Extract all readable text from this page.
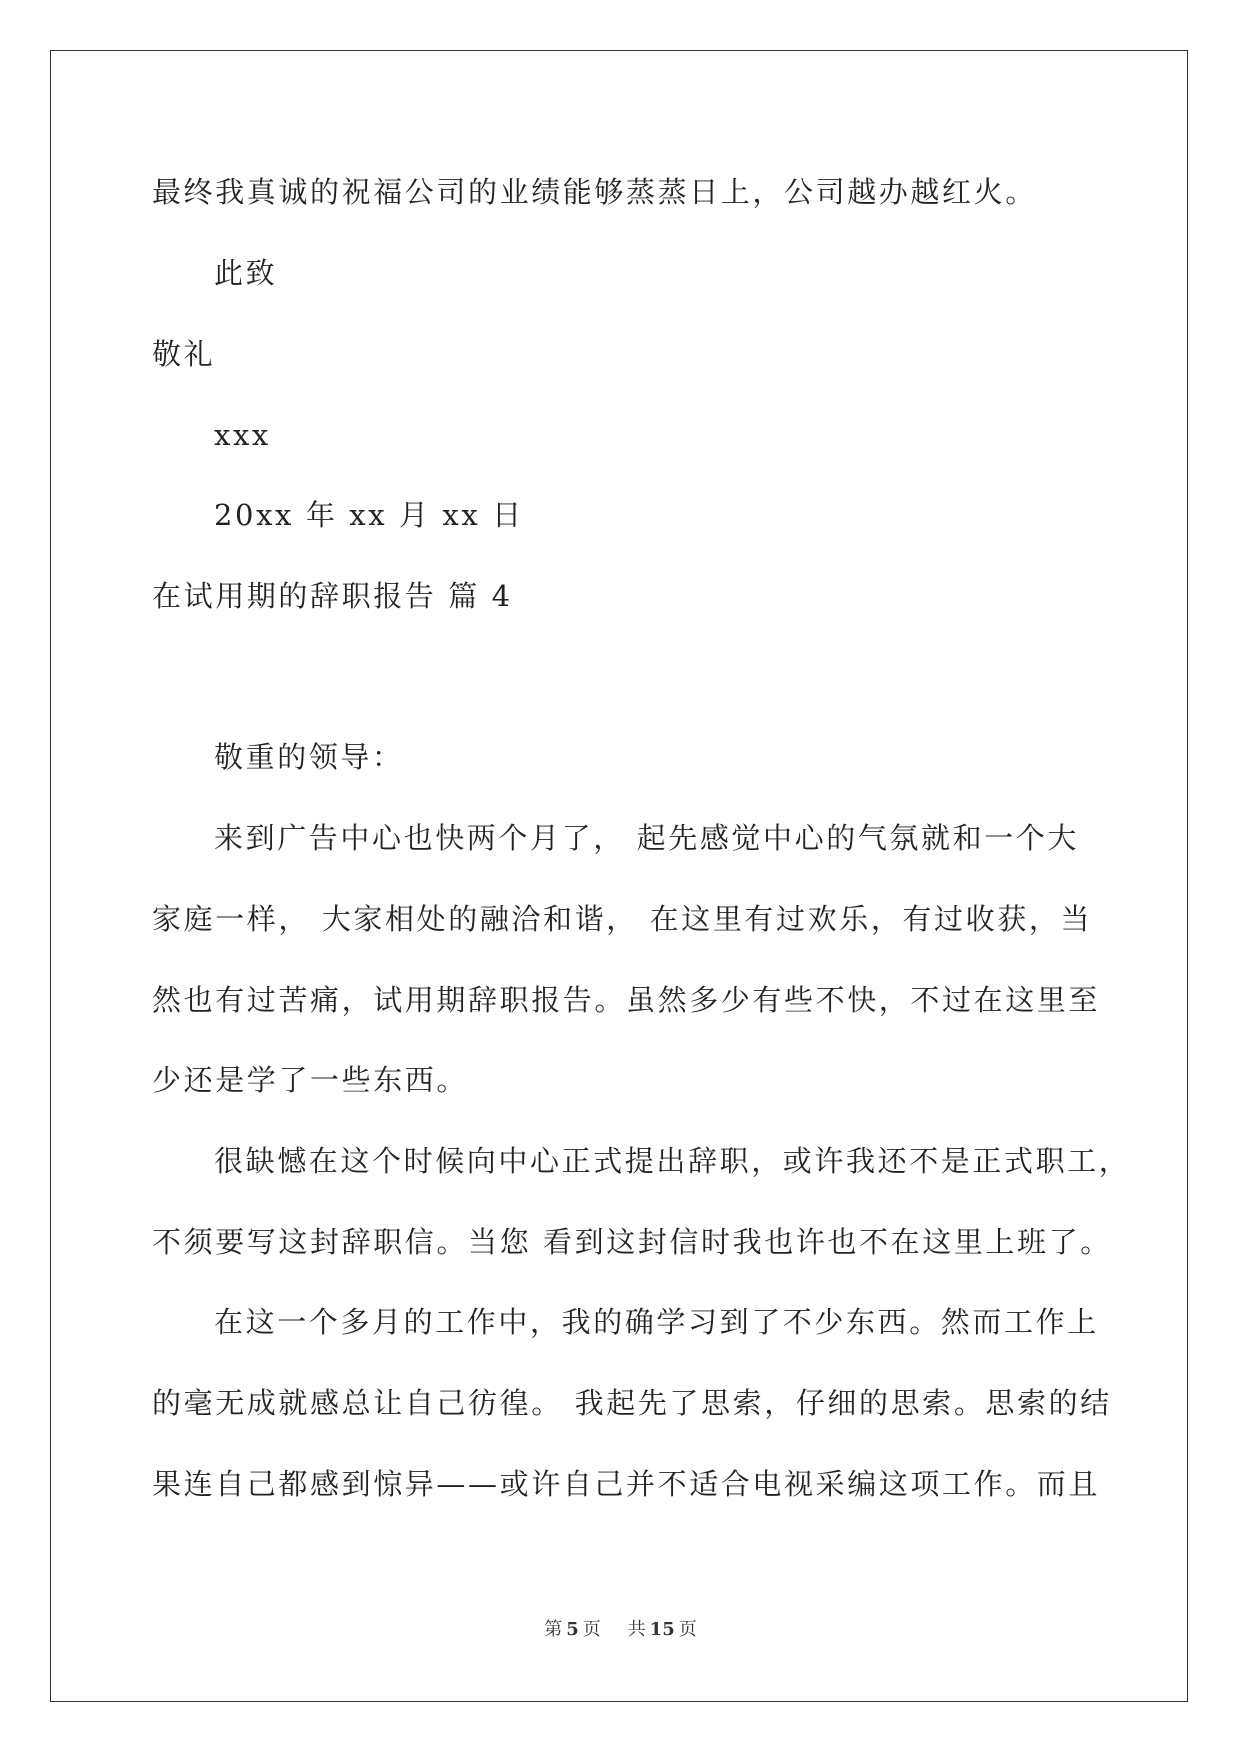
最终我真诚的祝福公司的业绩能够蒸蒸日上，公司越办越红火。
此致
敬礼
xxx
20xx 年 xx 月 xx 日
在试用期的辞职报告 篇 4
敬重的领导：
来到广告中心也快两个月了， 起先感觉中心的气氛就和一个大
家庭一样， 大家相处的融洽和谐， 在这里有过欢乐，有过收获，当
然也有过苦痛，试用期辞职报告。虽然多少有些不快，不过在这里至
少还是学了一些东西。
很缺憾在这个时候向中心正式提出辞职，或许我还不是正式职工，
不须要写这封辞职信。当您 看到这封信时我也许也不在这里上班了。
在这一个多月的工作中，我的确学习到了不少东西。然而工作上
的毫无成就感总让自己彷徨。 我起先了思索，仔细的思索。思索的结
果连自己都感到惊异——或许自己并不适合电视采编这项工作。而且
第 5 页 共 15 页
